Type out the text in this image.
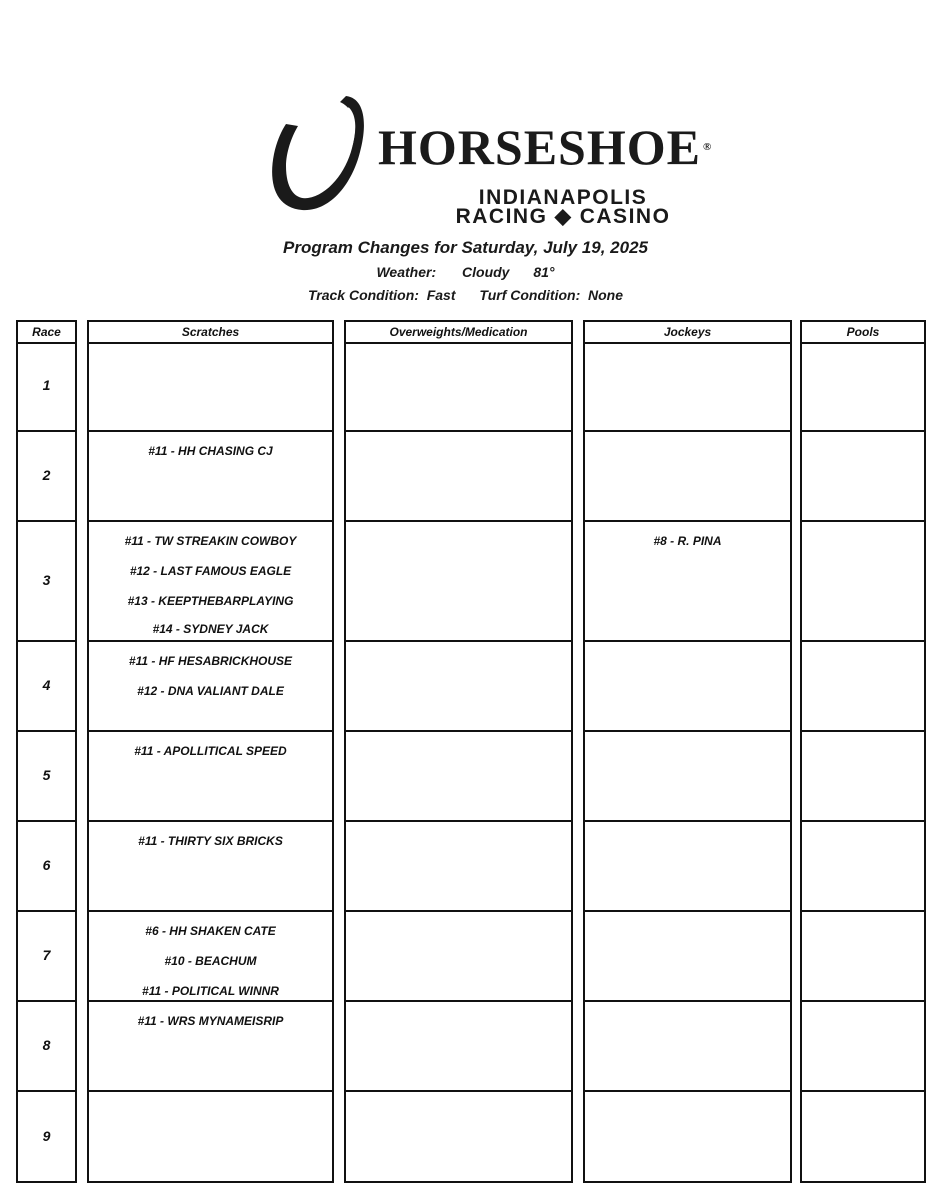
HORSESHOE ®
INDIANAPOLIS
RACING ◆ CASINO
Program Changes for Saturday, July 19, 2025
Weather: Cloudy 81°
Track Condition:  Fast Turf Condition:  None
Race
1
2
3
4
5
6
7
8
9
Scratches
#11 - HH CHASING CJ
#11 - TW STREAKIN COWBOY
#12 - LAST FAMOUS EAGLE
#13 - KEEPTHEBARPLAYING
#14 - SYDNEY JACK
#11 - HF HESABRICKHOUSE
#12 - DNA VALIANT DALE
#11 - APOLLITICAL SPEED
#11 - THIRTY SIX BRICKS
#6 - HH SHAKEN CATE
#10 - BEACHUM
#11 - POLITICAL WINNR
#11 - WRS MYNAMEISRIP
Overweights/Medication	Jockeys
#8 - R. PINA
Pools
